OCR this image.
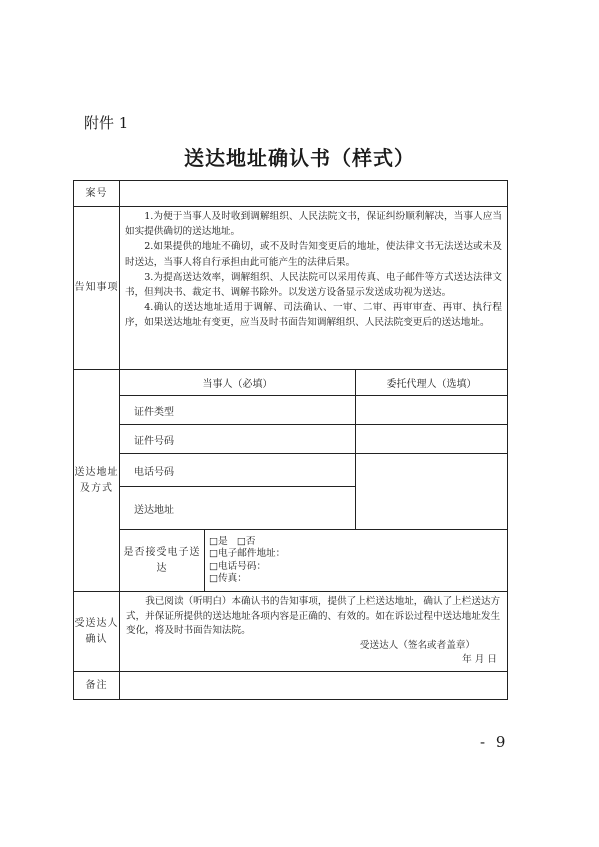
附件 1
送达地址确认书（样式）
案号			
告知事项	1.为便于当事人及时收到调解组织、人民法院文书，保证纠纷顺利解决，当事人应当如实提供确切的送达地址。

2.如果提供的地址不确切，或不及时告知变更后的地址，使法律文书无法送达或未及时送达，当事人将自行承担由此可能产生的法律后果。

3.为提高送达效率，调解组织、人民法院可以采用传真、电子邮件等方式送达法律文书，但判决书、裁定书、调解书除外。以发送方设备显示发送成功视为送达。

4.确认的送达地址适用于调解、司法确认、一审、二审、再审审查、再审、执行程序，如果送达地址有变更，应当及时书面告知调解组织、人民法院变更后的送达地址。		

送达地址及方式	当事人（必填）		委托代理人（选填）
	证件类型		
	证件号码		
	电话号码		
	送达地址		
	是否接受电子送达	□是 □否
□电子邮件地址：
□电话号码：
□传真：	

受送达人确认	我已阅读（听明白）本确认书的告知事项，提供了上栏送达地址，确认了上栏送达方式，并保证所提供的送达地址各项内容是正确的、有效的。如在诉讼过程中送达地址发生变化，将及时书面告知法院。

受送达人（签名或者盖章）
年 月 日		

备注			
- 9
